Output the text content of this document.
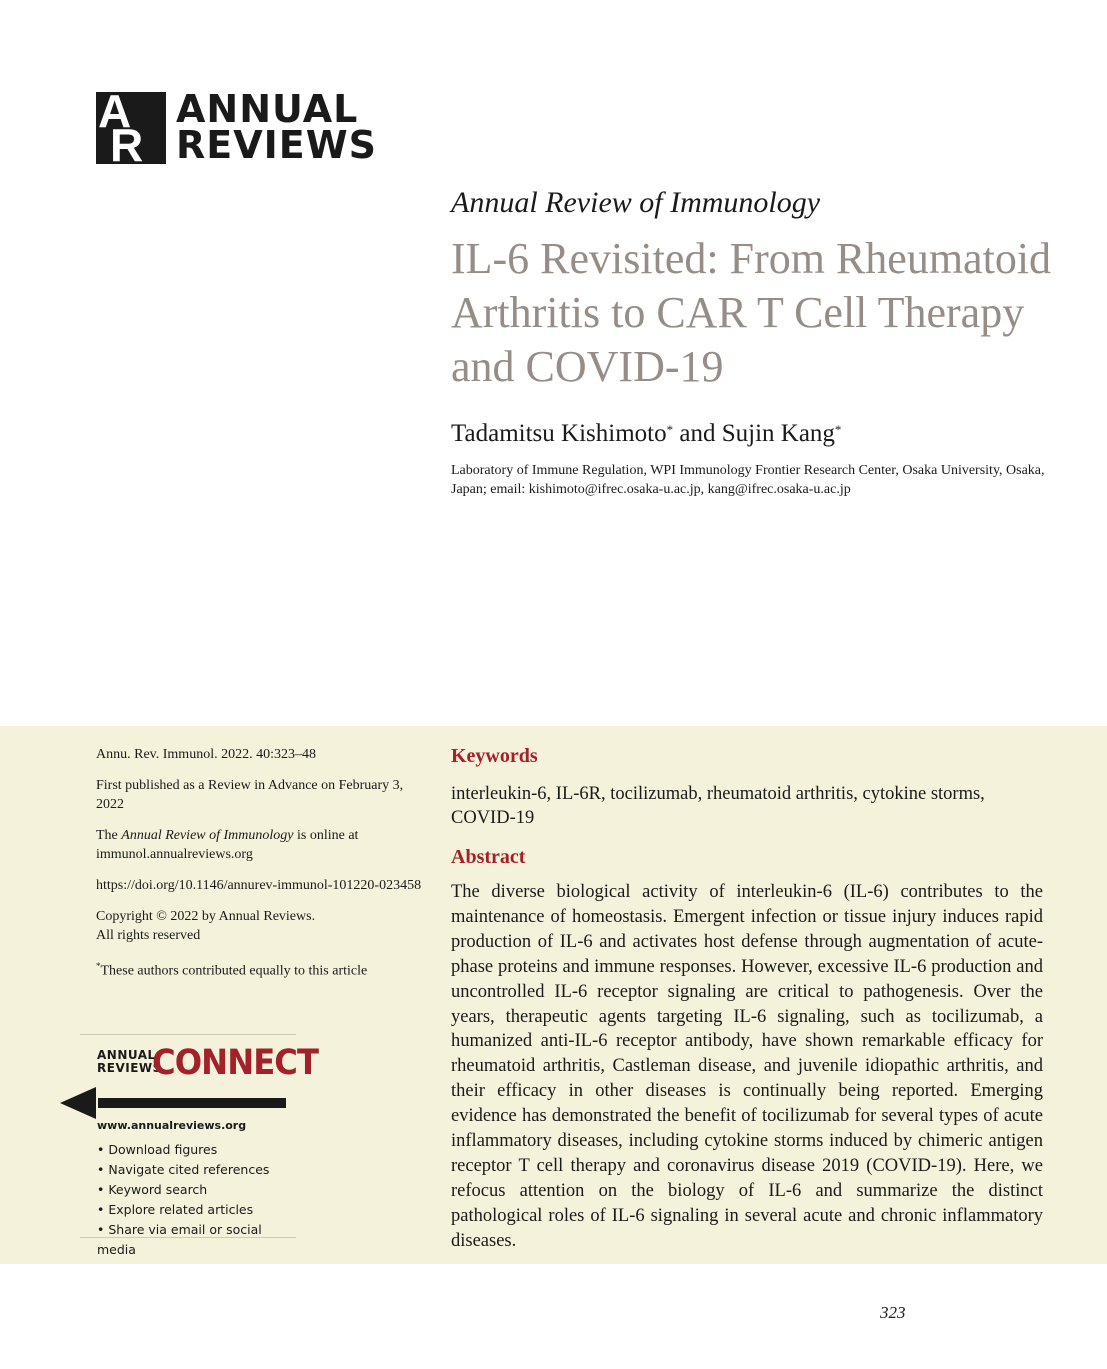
A
R
ANNUAL
REVIEWS
Annual Review of Immunology
IL-6 Revisited: From Rheumatoid Arthritis to CAR T Cell Therapy and COVID-19
Tadamitsu Kishimoto* and Sujin Kang*
Laboratory of Immune Regulation, WPI Immunology Frontier Research Center, Osaka University, Osaka, Japan; email: kishimoto@ifrec.osaka-u.ac.jp, kang@ifrec.osaka-u.ac.jp

Annu. Rev. Immunol. 2022. 40:323–48

First published as a Review in Advance on February 3, 2022

The Annual Review of Immunology is online at immunol.annualreviews.org

https://doi.org/10.1146/annurev-immunol-101220-023458

Copyright © 2022 by Annual Reviews.
All rights reserved

*These authors contributed equally to this article

ANNUAL
REVIEWS
CONNECT
www.annualreviews.org
• Download figures
• Navigate cited references
• Keyword search
• Explore related articles
• Share via email or social media
Keywords
interleukin-6, IL-6R, tocilizumab, rheumatoid arthritis, cytokine storms, COVID-19
Abstract

The diverse biological activity of interleukin-6 (IL-6) contributes to the maintenance of homeostasis. Emergent infection or tissue injury induces rapid production of IL-6 and activates host defense through augmentation of acute-phase proteins and immune responses. However, excessive IL-6 production and uncontrolled IL-6 receptor signaling are critical to pathogenesis. Over the years, therapeutic agents targeting IL-6 signaling, such as tocilizumab, a humanized anti-IL-6 receptor antibody, have shown remarkable efficacy for rheumatoid arthritis, Castleman disease, and juvenile idiopathic arthritis, and their efficacy in other diseases is continually being reported. Emerging evidence has demonstrated the benefit of tocilizumab for several types of acute inflammatory diseases, including cytokine storms induced by chimeric antigen receptor T cell therapy and coronavirus disease 2019 (COVID-19). Here, we refocus attention on the biology of IL-6 and summarize the distinct pathological roles of IL-6 signaling in several acute and chronic inflammatory diseases.

323
